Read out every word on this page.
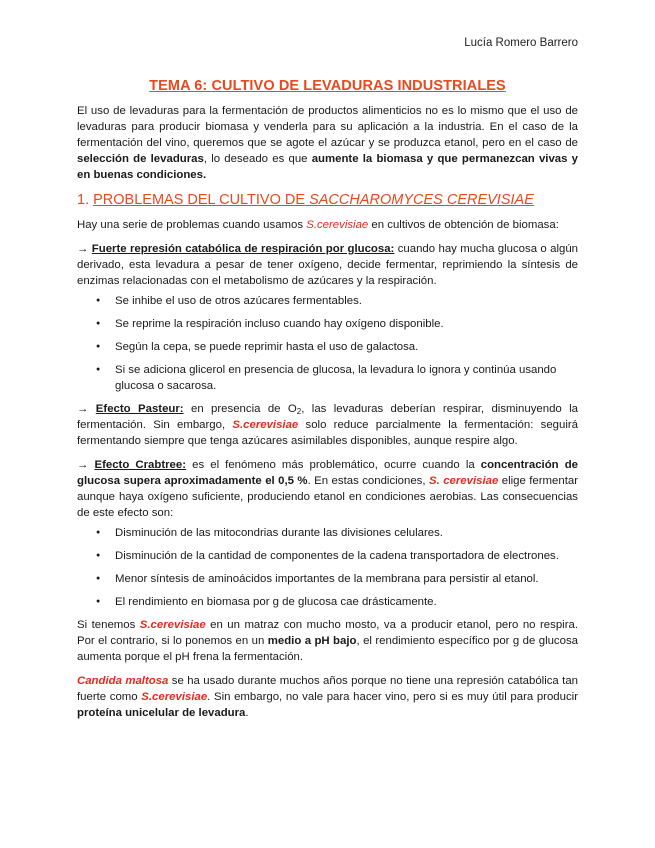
Lucía Romero Barrero
TEMA 6: CULTIVO DE LEVADURAS INDUSTRIALES

El uso de levaduras para la fermentación de productos alimenticios no es lo mismo que el uso de levaduras para producir biomasa y venderla para su aplicación a la industria. En el caso de la fermentación del vino, queremos que se agote el azúcar y se produzca etanol, pero en el caso de selección de levaduras, lo deseado es que aumente la biomasa y que permanezcan vivas y en buenas condiciones.

1. PROBLEMAS DEL CULTIVO DE SACCHAROMYCES CEREVISIAE

Hay una serie de problemas cuando usamos S.cerevisiae en cultivos de obtención de biomasa:

→ Fuerte represión catabólica de respiración por glucosa: cuando hay mucha glucosa o algún derivado, esta levadura a pesar de tener oxígeno, decide fermentar, reprimiendo la síntesis de enzimas relacionadas con el metabolismo de azúcares y la respiración.

● Se inhibe el uso de otros azúcares fermentables.
● Se reprime la respiración incluso cuando hay oxígeno disponible.
● Según la cepa, se puede reprimir hasta el uso de galactosa.
● Si se adiciona glicerol en presencia de glucosa, la levadura lo ignora y continúa usando glucosa o sacarosa.

→ Efecto Pasteur: en presencia de $O_2$, las levaduras deberían respirar, disminuyendo la fermentación. Sin embargo, S.cerevisiae solo reduce parcialmente la fermentación: seguirá fermentando siempre que tenga azúcares asimilables disponibles, aunque respire algo.

→ Efecto Crabtree: es el fenómeno más problemático, ocurre cuando la concentración de glucosa supera aproximadamente el 0,5 %. En estas condiciones, S. cerevisiae elige fermentar aunque haya oxígeno suficiente, produciendo etanol en condiciones aerobias. Las consecuencias de este efecto son:

● Disminución de las mitocondrias durante las divisiones celulares.
● Disminución de la cantidad de componentes de la cadena transportadora de electrones.
● Menor síntesis de aminoácidos importantes de la membrana para persistir al etanol.
● El rendimiento en biomasa por g de glucosa cae drásticamente.

Si tenemos S.cerevisiae en un matraz con mucho mosto, va a producir etanol, pero no respira. Por el contrario, si lo ponemos en un medio a pH bajo, el rendimiento específico por g de glucosa aumenta porque el pH frena la fermentación.

Candida maltosa se ha usado durante muchos años porque no tiene una represión catabólica tan fuerte como S.cerevisiae. Sin embargo, no vale para hacer vino, pero si es muy útil para producir proteína unicelular de levadura.
